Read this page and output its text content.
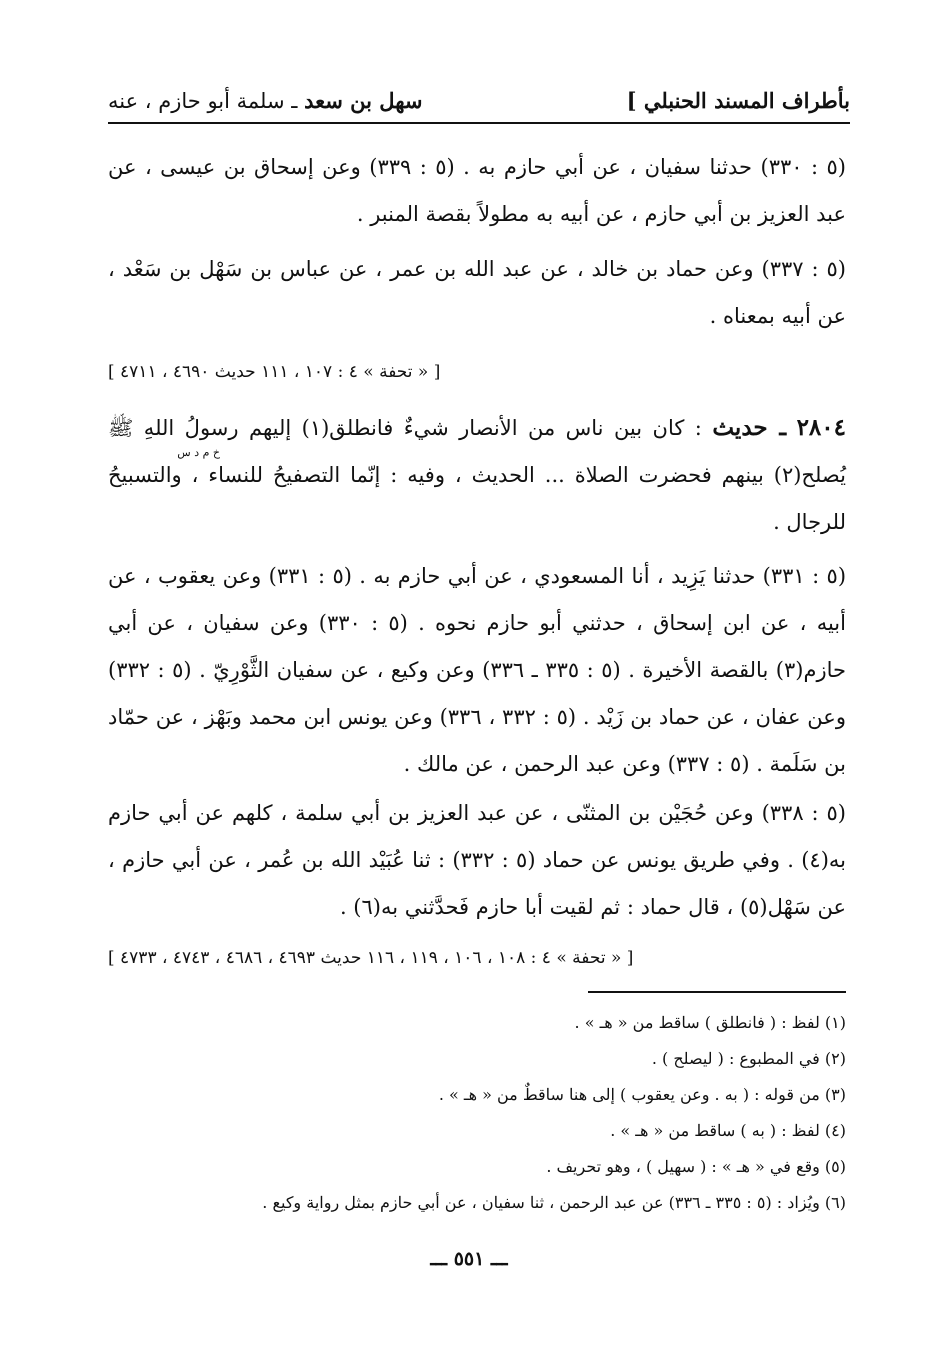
بأطراف المسند الحنبلي ]
سهل بن سعد ـ سلمة أبو حازم ، عنه
(٥ : ٣٣٠) حدثنا سفيان ، عن أبي حازم به . (٥ : ٣٣٩) وعن إسحاق بن عيسى ، عن عبد العزيز بن أبي حازم ، عن أبيه به مطولاً بقصة المنبر .
(٥ : ٣٣٧) وعن حماد بن خالد ، عن عبد الله بن عمر ، عن عباس بن سَهْل بن سَعْد ، عن أبيه بمعناه .
[ « تحفة » ٤ : ١٠٧ ، ١١١ حديث ٤٦٩٠ ، ٤٧١١ ]
٢٨٠٤ ـ حديث : كان بين ناس من الأنصار شيءٌ فانطلق(١) إليهم رسولُ اللهِ ﷺ يُصلح(٢) بينهم فحضرت الصلاة ... الحديث ، وفيه : إنّما التصفيحُ للنساء ، والتسبيحُ للرجال .
خ م د س
(٥ : ٣٣١) حدثنا يَزِيد ، أنا المسعودي ، عن أبي حازم به . (٥ : ٣٣١) وعن يعقوب ، عن أبيه ، عن ابن إسحاق ، حدثني أبو حازم نحوه . (٥ : ٣٣٠) وعن سفيان ، عن أبي حازم(٣) بالقصة الأخيرة . (٥ : ٣٣٥ ـ ٣٣٦) وعن وكيع ، عن سفيان الثَّوْرِيّ . (٥ : ٣٣٢) وعن عفان ، عن حماد بن زَيْد . (٥ : ٣٣٢ ، ٣٣٦) وعن يونس ابن محمد وبَهْز ، عن حمّاد بن سَلَمة . (٥ : ٣٣٧) وعن عبد الرحمن ، عن مالك .
(٥ : ٣٣٨) وعن حُجَيْن بن المثنّى ، عن عبد العزيز بن أبي سلمة ، كلهم عن أبي حازم به(٤) . وفي طريق يونس عن حماد (٥ : ٣٣٢) : ثنا عُبَيْد الله بن عُمر ، عن أبي حازم ، عن سَهْل(٥) ، قال حماد : ثم لقيت أبا حازم فَحدَّثني به(٦) .
[ « تحفة » ٤ : ١٠٨ ، ١٠٦ ، ١١٩ ، ١١٦ حديث ٤٦٩٣ ، ٤٦٨٦ ، ٤٧٤٣ ، ٤٧٣٣ ]
(١) لفظ : ( فانطلق ) ساقط من « هـ » .
(٢) في المطبوع : ( ليصلح ) .
(٣) من قوله : ( به . وعن يعقوب ) إلى هنا ساقطٌ من « هـ » .
(٤) لفظ : ( به ) ساقط من « هـ » .
(٥) وقع في « هـ » : ( سهيل ) ، وهو تحريف .
(٦) ويُزاد : (٥ : ٣٣٥ ـ ٣٣٦) عن عبد الرحمن ، ثنا سفيان ، عن أبي حازم بمثل رواية وكيع .
ـــ ٥٥١ ـــ
